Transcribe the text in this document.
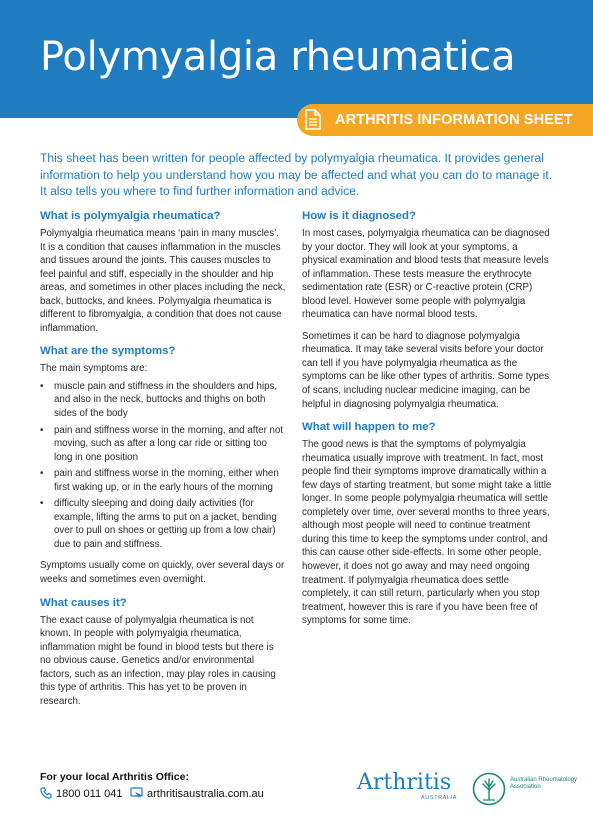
Polymyalgia rheumatica
ARTHRITIS INFORMATION SHEET

This sheet has been written for people affected by polymyalgia rheumatica. It provides general information to help you understand how you may be affected and what you can do to manage it. It also tells you where to find further information and advice.

What is polymyalgia rheumatica?

Polymyalgia rheumatica means ‘pain in many muscles’. It is a condition that causes inflammation in the muscles and tissues around the joints. This causes muscles to feel painful and stiff, especially in the shoulder and hip areas, and sometimes in other places including the neck, back, buttocks, and knees. Polymyalgia rheumatica is different to fibromyalgia, a condition that does not cause inflammation.

What are the symptoms?

The main symptoms are:

• muscle pain and stiffness in the shoulders and hips, and also in the neck, buttocks and thighs on both sides of the body
• pain and stiffness worse in the morning, and after not moving, such as after a long car ride or sitting too long in one position
• pain and stiffness worse in the morning, either when first waking up, or in the early hours of the morning
• difficulty sleeping and doing daily activities (for example, lifting the arms to put on a jacket, bending over to pull on shoes or getting up from a low chair) due to pain and stiffness.

Symptoms usually come on quickly, over several days or weeks and sometimes even overnight.

What causes it?

The exact cause of polymyalgia rheumatica is not known. In people with polymyalgia rheumatica, inflammation might be found in blood tests but there is no obvious cause. Genetics and/or environmental factors, such as an infection, may play roles in causing this type of arthritis. This has yet to be proven in research.

How is it diagnosed?

In most cases, polymyalgia rheumatica can be diagnosed by your doctor. They will look at your symptoms, a physical examination and blood tests that measure levels of inflammation. These tests measure the erythrocyte sedimentation rate (ESR) or C-reactive protein (CRP) blood level. However some people with polymyalgia rheumatica can have normal blood tests.

Sometimes it can be hard to diagnose polymyalgia rheumatica. It may take several visits before your doctor can tell if you have polymyalgia rheumatica as the symptoms can be like other types of arthritis. Some types of scans, including nuclear medicine imaging, can be helpful in diagnosing polymyalgia rheumatica.

What will happen to me?

The good news is that the symptoms of polymyalgia rheumatica usually improve with treatment. In fact, most people find their symptoms improve dramatically within a few days of starting treatment, but some might take a little longer. In some people polymyalgia rheumatica will settle completely over time, over several months to three years, although most people will need to continue treatment during this time to keep the symptoms under control, and this can cause other side-effects. In some other people, however, it does not go away and may need ongoing treatment. If polymyalgia rheumatica does settle completely, it can still return, particularly when you stop treatment, however this is rare if you have been free of symptoms for some time.

For your local Arthritis Office:
1800 011 041	arthritisaustralia.com.au	Arthritis
AUSTRALIA
Australian Rheumatology Association
